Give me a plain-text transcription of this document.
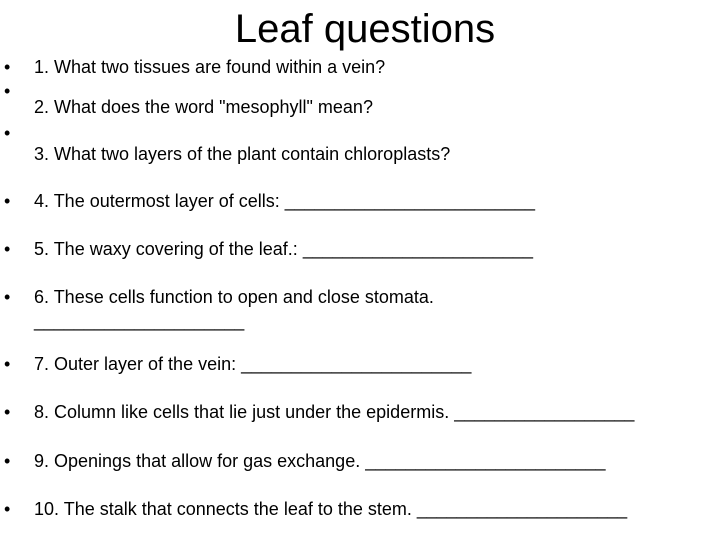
Leaf questions
•
•
•
•
•
•
•
•
•
•
1. What two tissues are found within a vein?
2. What does the word "mesophyll" mean?
3. What two layers of the plant contain chloroplasts?
4. The outermost layer of cells: _________________________
5. The waxy covering of the leaf.: _______________________
6. These cells function to open and close stomata.
_____________________
7. Outer layer of the vein: _______________________
8. Column like cells that lie just under the epidermis. __________________
9. Openings that allow for gas exchange. ________________________
10. The stalk that connects the leaf to the stem. _____________________
